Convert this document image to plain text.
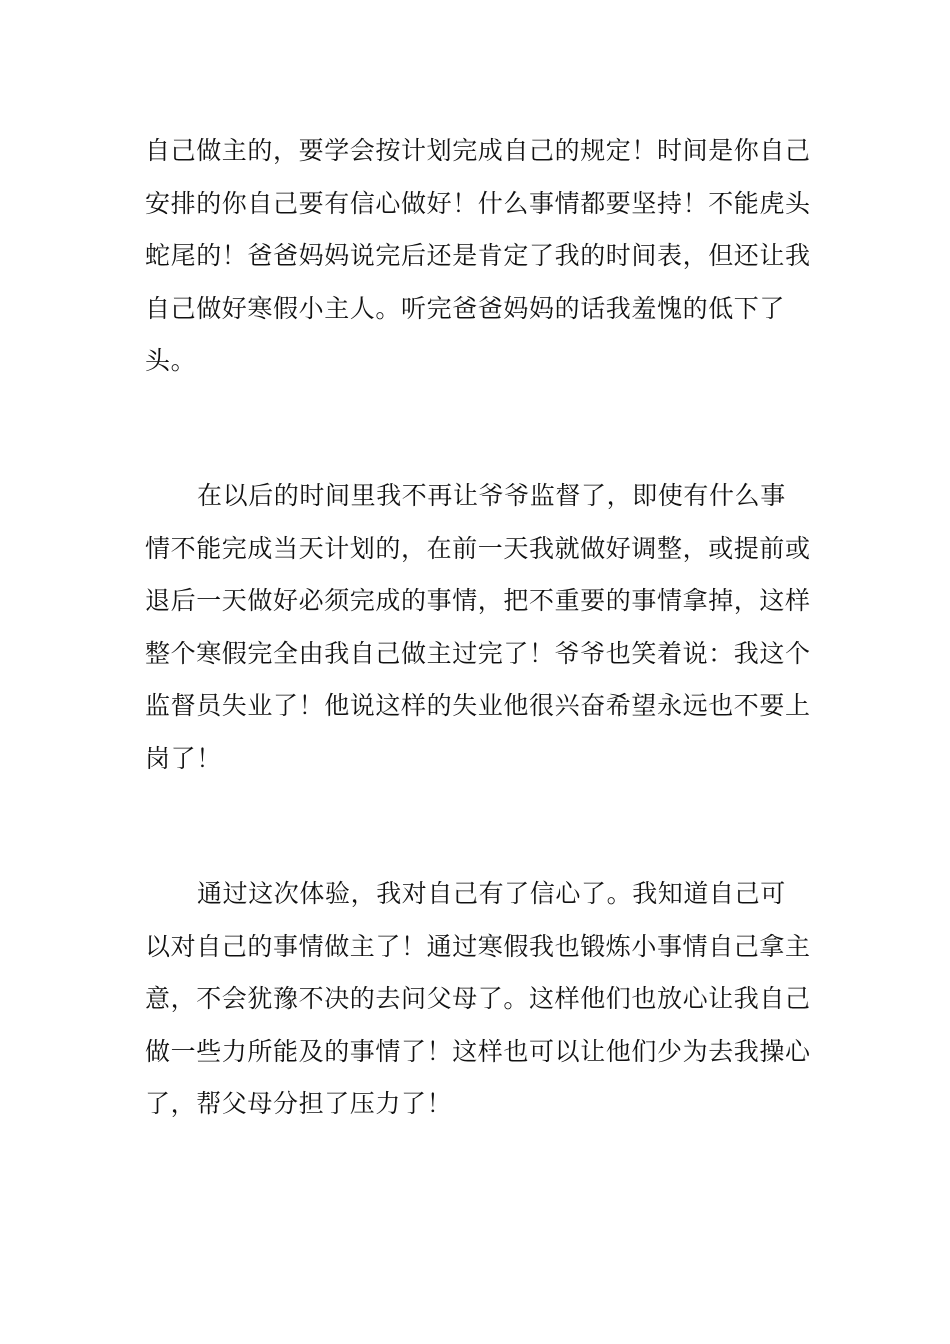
自己做主的，要学会按计划完成自己的规定！时间是你自己安排的你自己要有信心做好！什么事情都要坚持！不能虎头蛇尾的！爸爸妈妈说完后还是肯定了我的时间表，但还让我自己做好寒假小主人。听完爸爸妈妈的话我羞愧的低下了头。

在以后的时间里我不再让爷爷监督了，即使有什么事情不能完成当天计划的，在前一天我就做好调整，或提前或退后一天做好必须完成的事情，把不重要的事情拿掉，这样整个寒假完全由我自己做主过完了！爷爷也笑着说：我这个监督员失业了！他说这样的失业他很兴奋希望永远也不要上岗了！

通过这次体验，我对自己有了信心了。我知道自己可以对自己的事情做主了！通过寒假我也锻炼小事情自己拿主意，不会犹豫不决的去问父母了。这样他们也放心让我自己做一些力所能及的事情了！这样也可以让他们少为去我操心了，帮父母分担了压力了！
